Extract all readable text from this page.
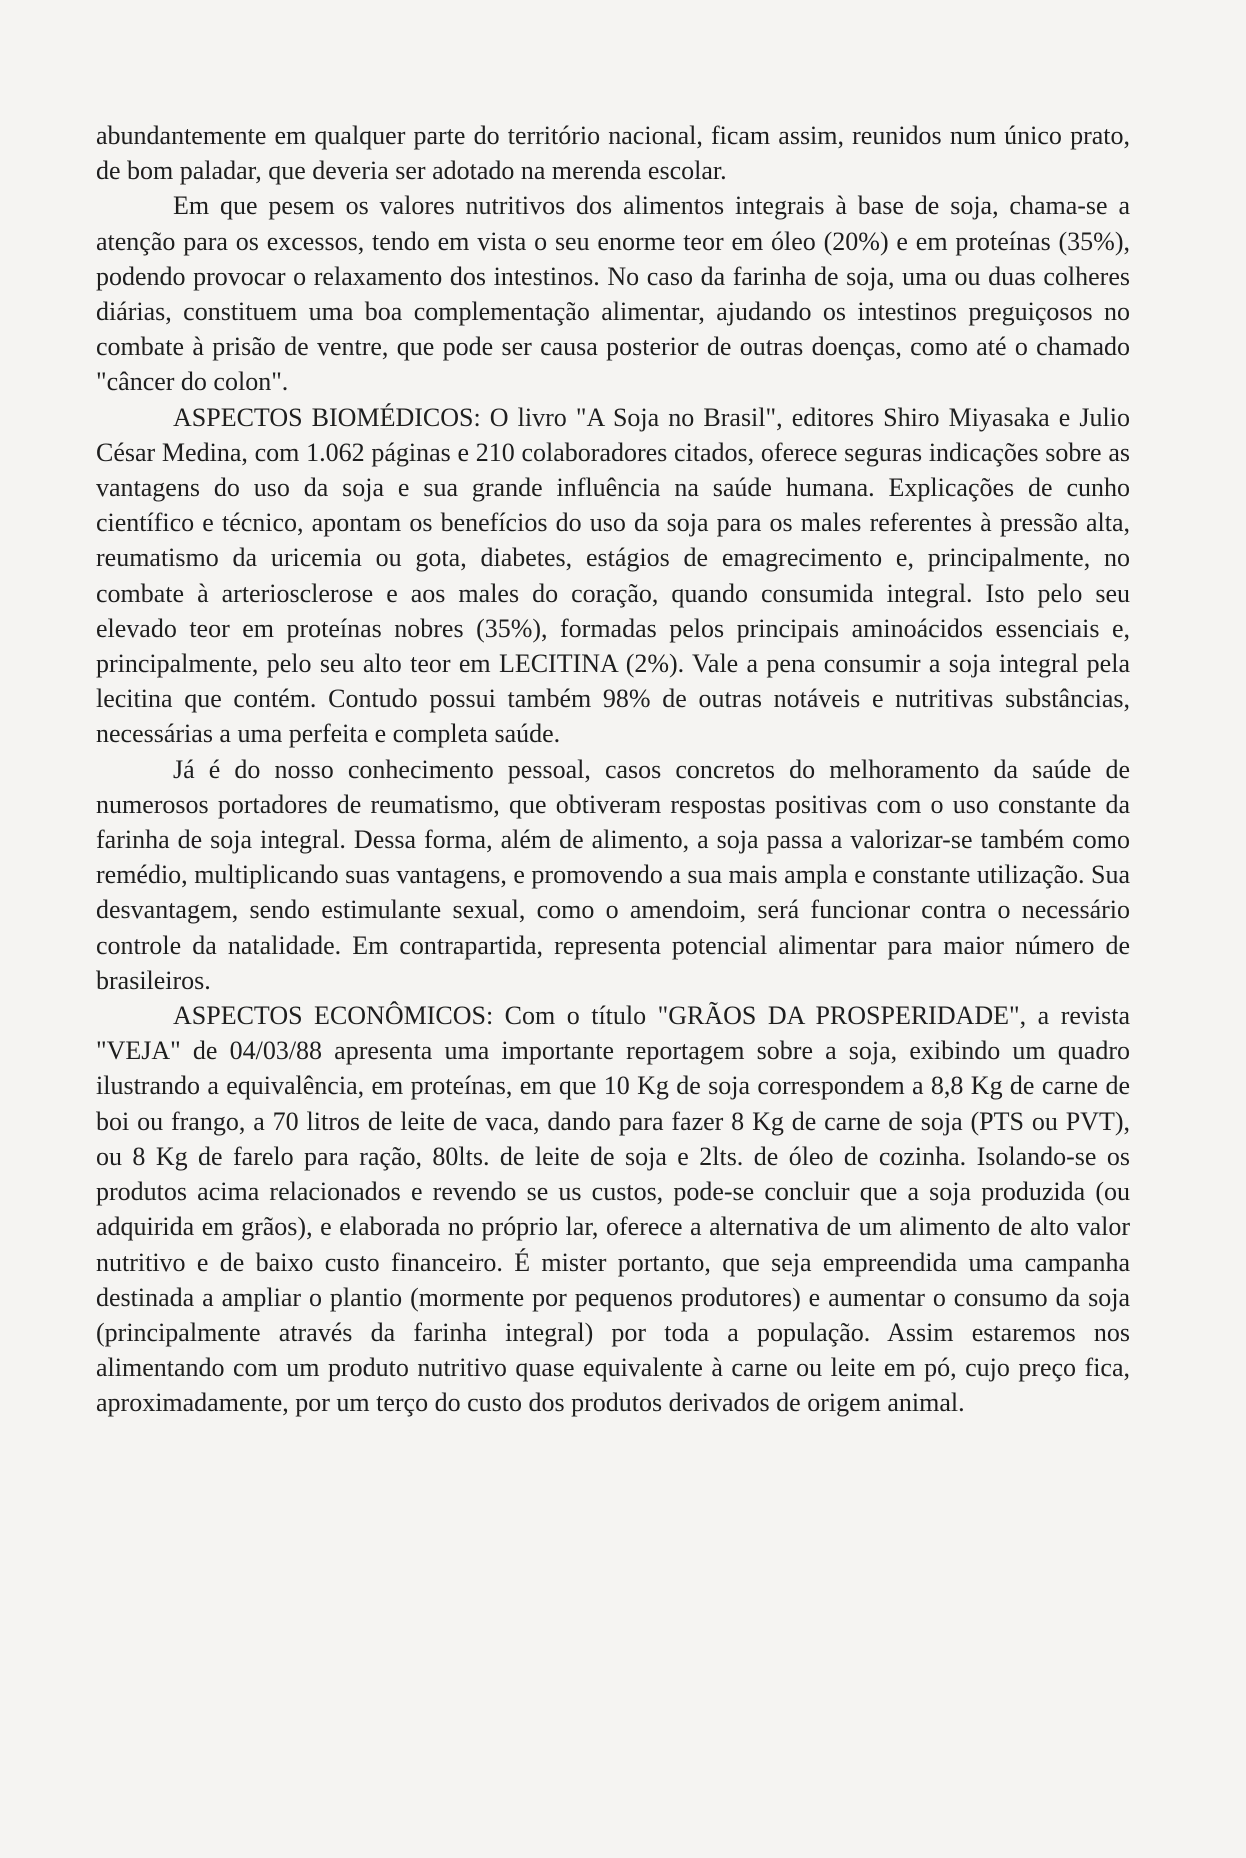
abundantemente em qualquer parte do território nacional, ficam assim, reunidos num único prato, de bom paladar, que deveria ser adotado na merenda escolar.

Em que pesem os valores nutritivos dos alimentos integrais à base de soja, chama-se a atenção para os excessos, tendo em vista o seu enorme teor em óleo (20%) e em proteínas (35%), podendo provocar o relaxamento dos intestinos. No caso da farinha de soja, uma ou duas colheres diárias, constituem uma boa complementação alimentar, ajudando os intestinos preguiçosos no combate à prisão de ventre, que pode ser causa posterior de outras doenças, como até o chamado "câncer do colon".

ASPECTOS BIOMÉDICOS: O livro "A Soja no Brasil", editores Shiro Miyasaka e Julio César Medina, com 1.062 páginas e 210 colaboradores citados, oferece seguras indicações sobre as vantagens do uso da soja e sua grande influência na saúde humana. Explicações de cunho científico e técnico, apontam os benefícios do uso da soja para os males referentes à pressão alta, reumatismo da uricemia ou gota, diabetes, estágios de emagrecimento e, principalmente, no combate à arteriosclerose e aos males do coração, quando consumida integral. Isto pelo seu elevado teor em proteínas nobres (35%), formadas pelos principais aminoácidos essenciais e, principalmente, pelo seu alto teor em LECITINA (2%). Vale a pena consumir a soja integral pela lecitina que contém. Contudo possui também 98% de outras notáveis e nutritivas substâncias, necessárias a uma perfeita e completa saúde.

Já é do nosso conhecimento pessoal, casos concretos do melhoramento da saúde de numerosos portadores de reumatismo, que obtiveram respostas positivas com o uso constante da farinha de soja integral. Dessa forma, além de alimento, a soja passa a valorizar-se também como remédio, multiplicando suas vantagens, e promovendo a sua mais ampla e constante utilização. Sua desvantagem, sendo estimulante sexual, como o amendoim, será funcionar contra o necessário controle da natalidade. Em contrapartida, representa potencial alimentar para maior número de brasileiros.

ASPECTOS ECONÔMICOS: Com o título "GRÃOS DA PROSPERIDADE", a revista "VEJA" de 04/03/88 apresenta uma importante reportagem sobre a soja, exibindo um quadro ilustrando a equivalência, em proteínas, em que 10 Kg de soja correspondem a 8,8 Kg de carne de boi ou frango, a 70 litros de leite de vaca, dando para fazer 8 Kg de carne de soja (PTS ou PVT), ou 8 Kg de farelo para ração, 80lts. de leite de soja e 2lts. de óleo de cozinha. Isolando-se os produtos acima relacionados e revendo se us custos, pode-se concluir que a soja produzida (ou adquirida em grãos), e elaborada no próprio lar, oferece a alternativa de um alimento de alto valor nutritivo e de baixo custo financeiro. É mister portanto, que seja empreendida uma campanha destinada a ampliar o plantio (mormente por pequenos produtores) e aumentar o consumo da soja (principalmente através da farinha integral) por toda a população. Assim estaremos nos alimentando com um produto nutritivo quase equivalente à carne ou leite em pó, cujo preço fica, aproximadamente, por um terço do custo dos produtos derivados de origem animal.
